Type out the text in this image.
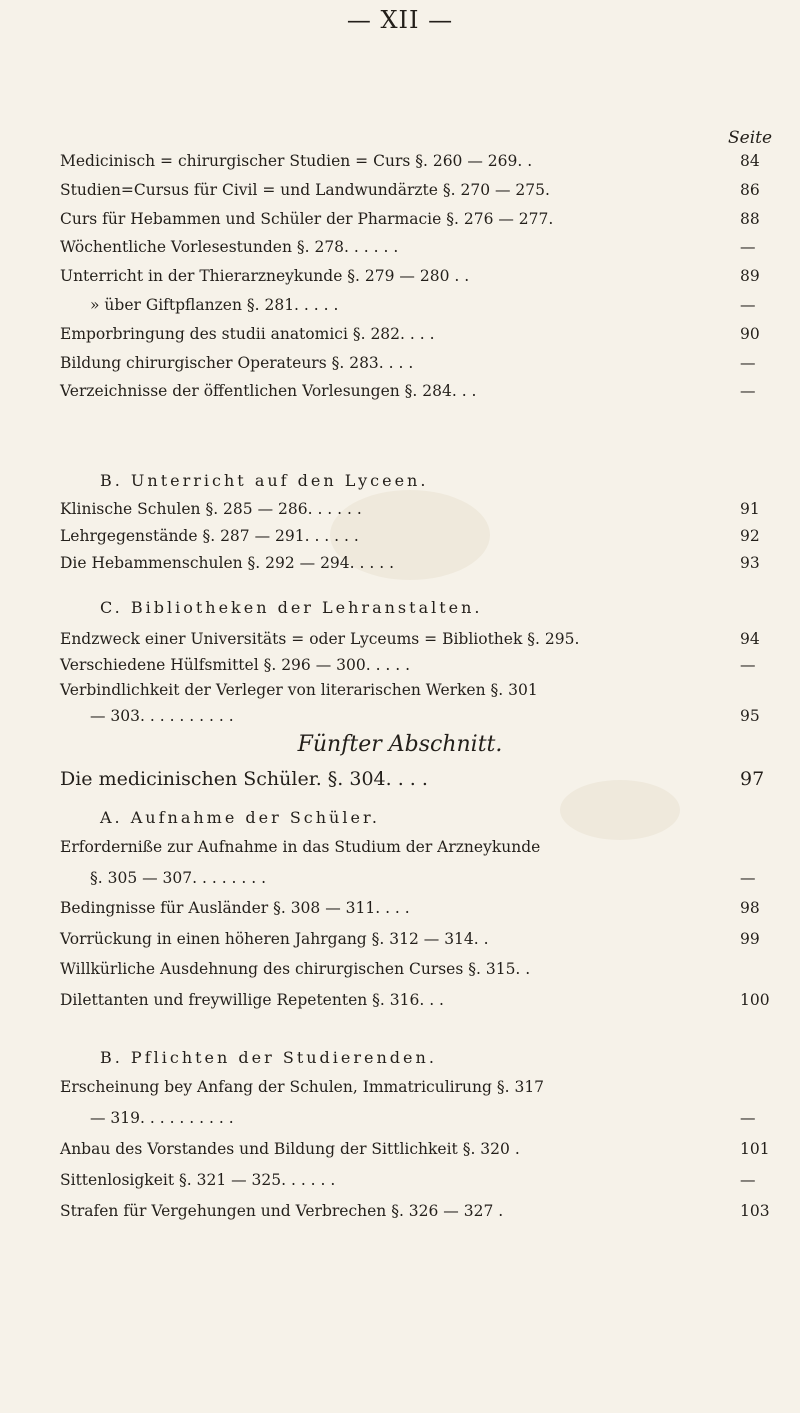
— XII —
Seite
Medicinisch = chirurgischer Studien = Curs §. 260 — 269. .	84
Studien=Cursus für Civil = und Landwundärzte §. 270 — 275.	86
Curs für Hebammen und Schüler der Pharmacie §. 276 — 277.	88
Wöchentliche Vorlesestunden §. 278. . . . . .	—
Unterricht in der Thierarzneykunde §. 279 — 280 . .	89
» über Giftpflanzen §. 281. . . . .	—
Emporbringung des studii anatomici §. 282. . . .	90
Bildung chirurgischer Operateurs §. 283. . . .	—
Verzeichnisse der öffentlichen Vorlesungen §. 284. . .	—
B. Unterricht auf den Lyceen.
Klinische Schulen §. 285 — 286. . . . . .	91
Lehrgegenstände §. 287 — 291. . . . . .	92
Die Hebammenschulen §. 292 — 294. . . . .	93
C. Bibliotheken der Lehranstalten.
Endzweck einer Universitäts = oder Lyceums = Bibliothek §. 295.	94
Verschiedene Hülfsmittel §. 296 — 300. . . . .	—
Verbindlichkeit der Verleger von literarischen Werken §. 301
— 303. . . . . . . . . .	95
Fünfter Abschnitt.
Die medicinischen Schüler. §. 304. . . .	97
A. Aufnahme der Schüler.
Erforderniße zur Aufnahme in das Studium der Arzneykunde
§. 305 — 307. . . . . . . .	—
Bedingnisse für Ausländer §. 308 — 311. . . .	98
Vorrückung in einen höheren Jahrgang §. 312 — 314. .	99
Willkürliche Ausdehnung des chirurgischen Curses §. 315. .
Dilettanten und freywillige Repetenten §. 316. . .	100
B. Pflichten der Studierenden.
Erscheinung bey Anfang der Schulen, Immatriculirung §. 317
— 319. . . . . . . . . .	—
Anbau des Vorstandes und Bildung der Sittlichkeit §. 320 .	101
Sittenlosigkeit §. 321 — 325. . . . . .	—
Strafen für Vergehungen und Verbrechen §. 326 — 327 .	103
